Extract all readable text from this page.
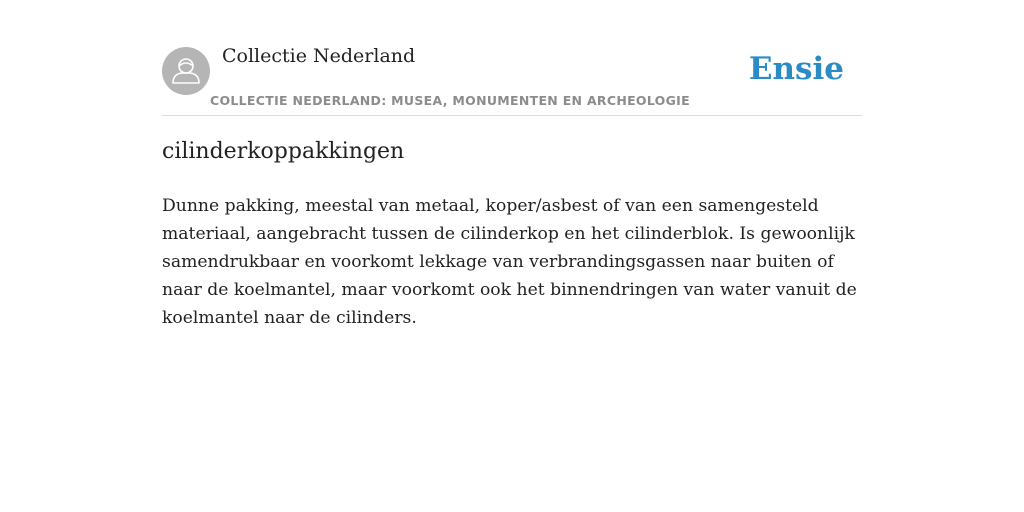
Collectie Nederland
COLLECTIE NEDERLAND: MUSEA, MONUMENTEN EN ARCHEOLOGIE
Ensie
cilinderkoppakkingen

Dunne pakking, meestal van metaal, koper/asbest of van een samengesteld materiaal, aangebracht tussen de cilinderkop en het cilinderblok. Is gewoonlijk samendrukbaar en voorkomt lekkage van verbrandingsgassen naar buiten of naar de koelmantel, maar voorkomt ook het binnendringen van water vanuit de koelmantel naar de cilinders.
